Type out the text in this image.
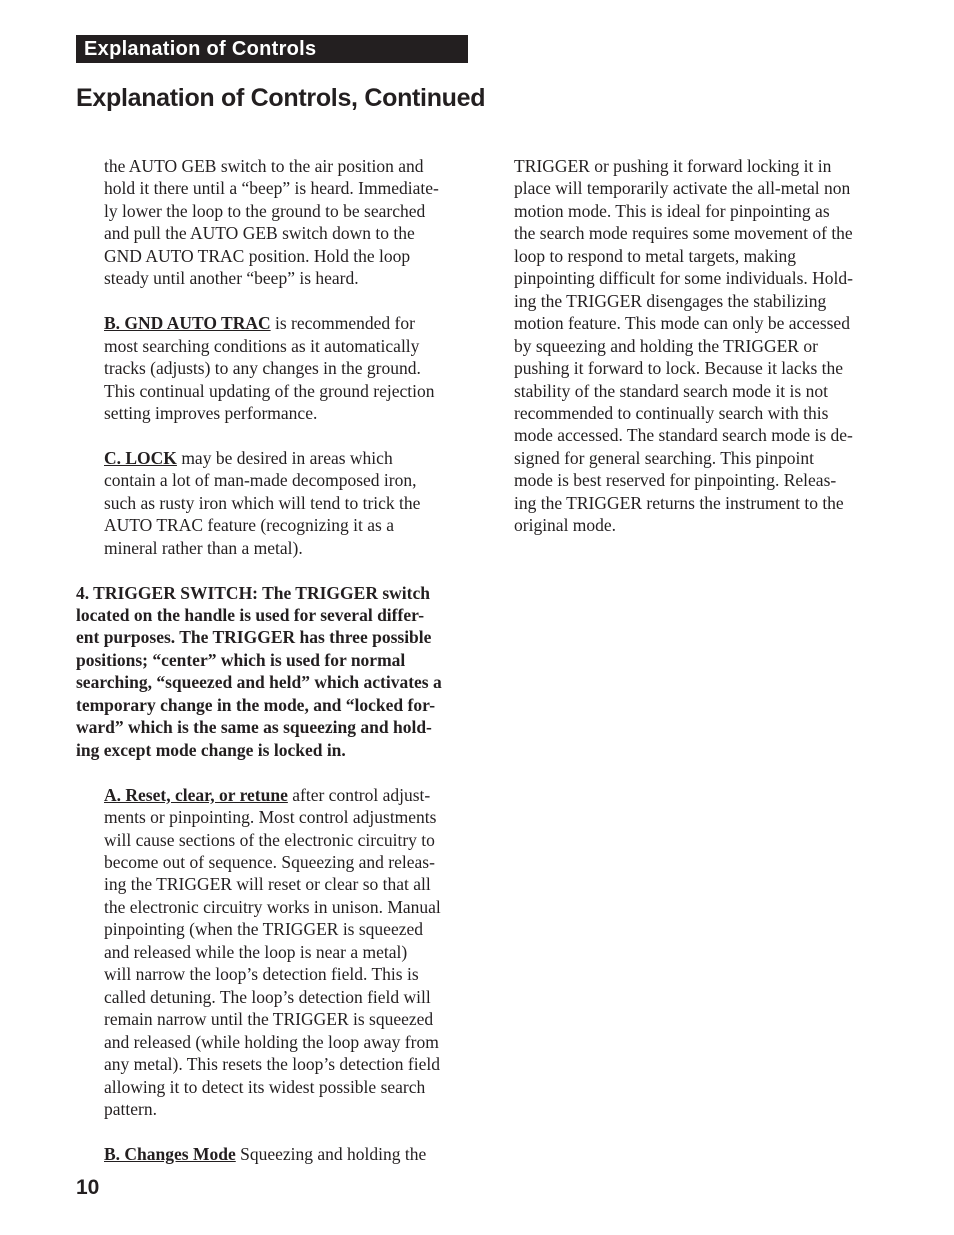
Explanation of Controls
Explanation of Controls, Continued

the AUTO GEB switch to the air position and
hold it there until a “beep” is heard. Immediate-
ly lower the loop to the ground to be searched
and pull the AUTO GEB switch down to the
GND AUTO TRAC position. Hold the loop
steady until another “beep” is heard.

B. GND AUTO TRAC is recommended for
most searching conditions as it automatically
tracks (adjusts) to any changes in the ground.
This continual updating of the ground rejection
setting improves performance.

C. LOCK may be desired in areas which
contain a lot of man-made decomposed iron,
such as rusty iron which will tend to trick the
AUTO TRAC feature (recognizing it as a
mineral rather than a metal).

4. TRIGGER SWITCH: The TRIGGER switch
located on the handle is used for several differ-
ent purposes. The TRIGGER has three possible
positions; “center” which is used for normal
searching, “squeezed and held” which activates a
temporary change in the mode, and “locked for-
ward” which is the same as squeezing and hold-
ing except mode change is locked in.

A. Reset, clear, or retune after control adjust-
ments or pinpointing. Most control adjustments
will cause sections of the electronic circuitry to
become out of sequence. Squeezing and releas-
ing the TRIGGER will reset or clear so that all
the electronic circuitry works in unison. Manual
pinpointing (when the TRIGGER is squeezed
and released while the loop is near a metal)
will narrow the loop’s detection field. This is
called detuning. The loop’s detection field will
remain narrow until the TRIGGER is squeezed
and released (while holding the loop away from
any metal). This resets the loop’s detection field
allowing it to detect its widest possible search
pattern.

B. Changes Mode Squeezing and holding the

TRIGGER or pushing it forward locking it in
place will temporarily activate the all-metal non
motion mode. This is ideal for pinpointing as
the search mode requires some movement of the
loop to respond to metal targets, making
pinpointing difficult for some individuals. Hold-
ing the TRIGGER disengages the stabilizing
motion feature. This mode can only be accessed
by squeezing and holding the TRIGGER or
pushing it forward to lock. Because it lacks the
stability of the standard search mode it is not
recommended to continually search with this
mode accessed. The standard search mode is de-
signed for general searching. This pinpoint
mode is best reserved for pinpointing. Releas-
ing the TRIGGER returns the instrument to the
original mode.

10
